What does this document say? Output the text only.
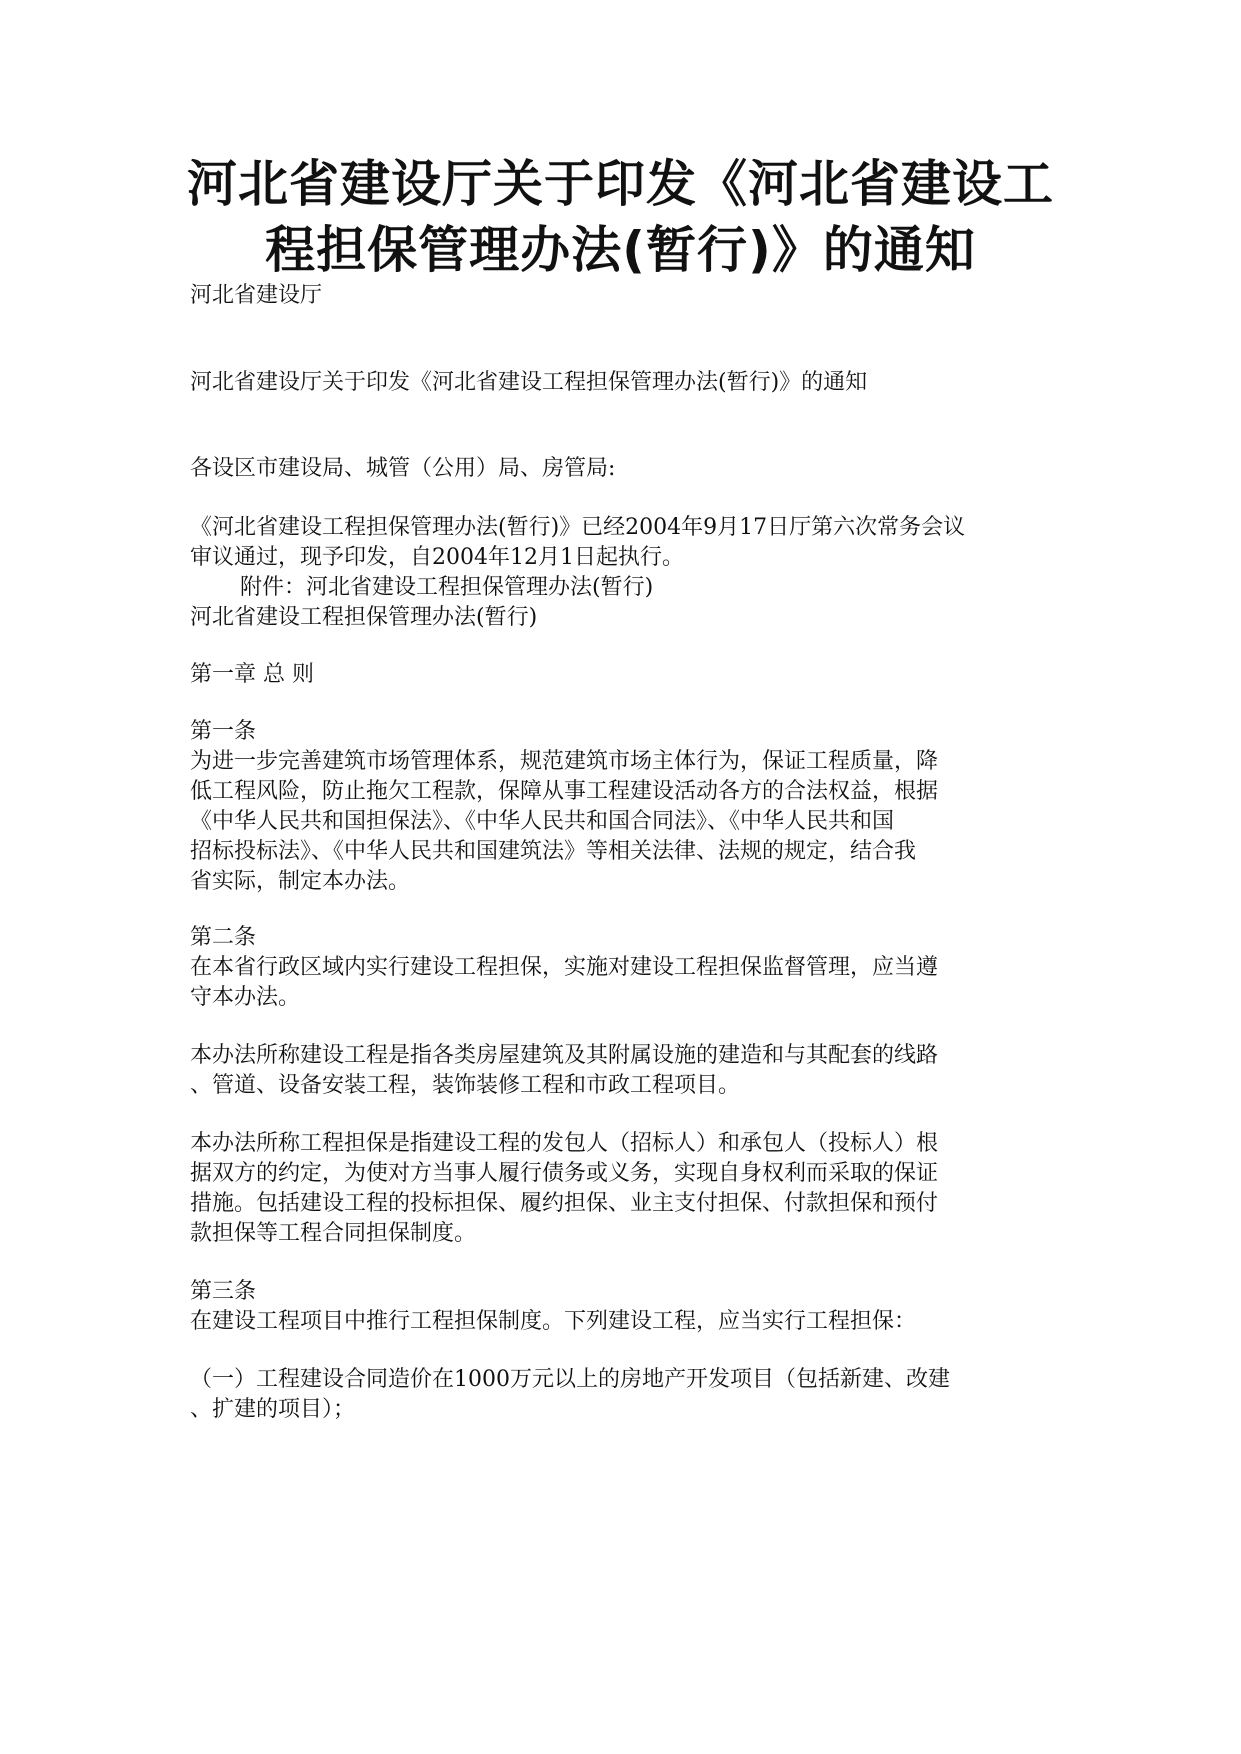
河北省建设厅关于印发《河北省建设工
程担保管理办法(暂行)》的通知

河北省建设厅

河北省建设厅关于印发《河北省建设工程担保管理办法(暂行)》的通知

各设区市建设局、城管（公用）局、房管局:

《河北省建设工程担保管理办法(暂行)》已经2004年9月17日厅第六次常务会议

审议通过，现予印发，自2004年12月1日起执行。

附件：河北省建设工程担保管理办法(暂行)

河北省建设工程担保管理办法(暂行)

第一章 总 则

第一条

为进一步完善建筑市场管理体系，规范建筑市场主体行为，保证工程质量，降

低工程风险，防止拖欠工程款，保障从事工程建设活动各方的合法权益，根据

《中华人民共和国担保法》、《中华人民共和国合同法》、《中华人民共和国

招标投标法》、《中华人民共和国建筑法》等相关法律、法规的规定，结合我

省实际，制定本办法。

第二条

在本省行政区域内实行建设工程担保，实施对建设工程担保监督管理，应当遵

守本办法。

本办法所称建设工程是指各类房屋建筑及其附属设施的建造和与其配套的线路

、管道、设备安装工程，装饰装修工程和市政工程项目。

本办法所称工程担保是指建设工程的发包人（招标人）和承包人（投标人）根

据双方的约定，为使对方当事人履行债务或义务，实现自身权利而采取的保证

措施。包括建设工程的投标担保、履约担保、业主支付担保、付款担保和预付

款担保等工程合同担保制度。

第三条

在建设工程项目中推行工程担保制度。下列建设工程，应当实行工程担保：

（一）工程建设合同造价在1000万元以上的房地产开发项目（包括新建、改建

、扩建的项目）；
